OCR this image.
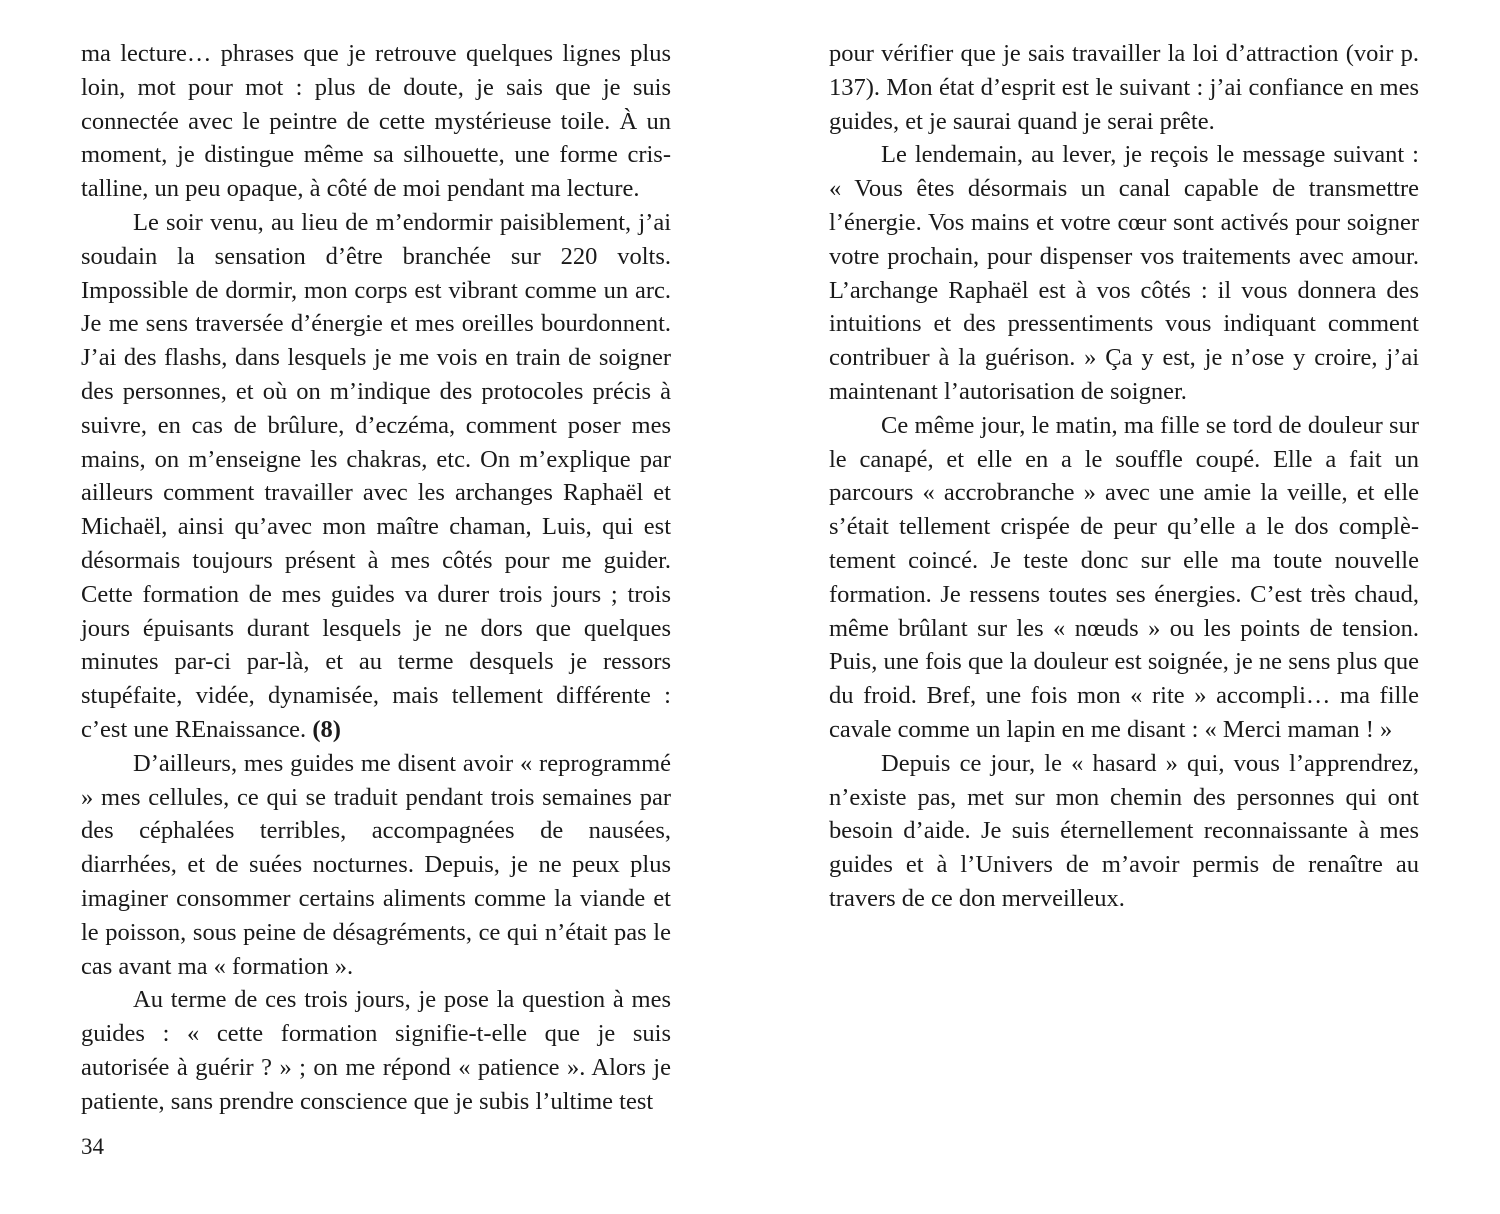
ma lecture… phrases que je retrouve quelques lignes plus loin, mot pour mot : plus de doute, je sais que je suis connectée avec le peintre de cette mystérieuse toile. À un moment, je distingue même sa silhouette, une forme cristalline, un peu opaque, à côté de moi pendant ma lecture.

Le soir venu, au lieu de m’endormir paisiblement, j’ai soudain la sensation d’être branchée sur 220 volts. Impossible de dormir, mon corps est vibrant comme un arc. Je me sens traversée d’énergie et mes oreilles bourdonnent. J’ai des flashs, dans lesquels je me vois en train de soigner des personnes, et où on m’indique des protocoles précis à suivre, en cas de brûlure, d’eczéma, comment poser mes mains, on m’enseigne les chakras, etc. On m’explique par ailleurs comment travailler avec les archanges Raphaël et Michaël, ainsi qu’avec mon maître chaman, Luis, qui est désormais toujours présent à mes côtés pour me guider. Cette formation de mes guides va durer trois jours ; trois jours épuisants durant lesquels je ne dors que quelques minutes par-ci par-là, et au terme desquels je ressors stupéfaite, vidée, dynamisée, mais tellement différente : c’est une REnaissance. (8)

D’ailleurs, mes guides me disent avoir « reprogrammé » mes cellules, ce qui se traduit pendant trois semaines par des céphalées terribles, accompagnées de nausées, diarrhées, et de suées nocturnes. Depuis, je ne peux plus imaginer consommer certains aliments comme la viande et le poisson, sous peine de désagréments, ce qui n’était pas le cas avant ma « formation ».

Au terme de ces trois jours, je pose la question à mes guides : « cette formation signifie-t-elle que je suis autorisée à guérir ? » ; on me répond « patience ». Alors je patiente, sans prendre conscience que je subis l’ultime test

pour vérifier que je sais travailler la loi d’attraction (voir p. 137). Mon état d’esprit est le suivant : j’ai confiance en mes guides, et je saurai quand je serai prête.

Le lendemain, au lever, je reçois le message suivant : « Vous êtes désormais un canal capable de transmettre l’énergie. Vos mains et votre cœur sont activés pour soigner votre prochain, pour dispenser vos traitements avec amour. L’archange Raphaël est à vos côtés : il vous donnera des intuitions et des pressentiments vous indiquant comment contribuer à la guérison. » Ça y est, je n’ose y croire, j’ai maintenant l’autorisation de soigner.

Ce même jour, le matin, ma fille se tord de douleur sur le canapé, et elle en a le souffle coupé. Elle a fait un parcours « accrobranche » avec une amie la veille, et elle s’était tellement crispée de peur qu’elle a le dos complètement coincé. Je teste donc sur elle ma toute nouvelle formation. Je ressens toutes ses énergies. C’est très chaud, même brûlant sur les « nœuds » ou les points de tension. Puis, une fois que la douleur est soignée, je ne sens plus que du froid. Bref, une fois mon « rite » accompli… ma fille cavale comme un lapin en me disant : « Merci maman ! »

Depuis ce jour, le « hasard » qui, vous l’apprendrez, n’existe pas, met sur mon chemin des personnes qui ont besoin d’aide. Je suis éternellement reconnaissante à mes guides et à l’Univers de m’avoir permis de renaître au travers de ce don merveilleux.

34
